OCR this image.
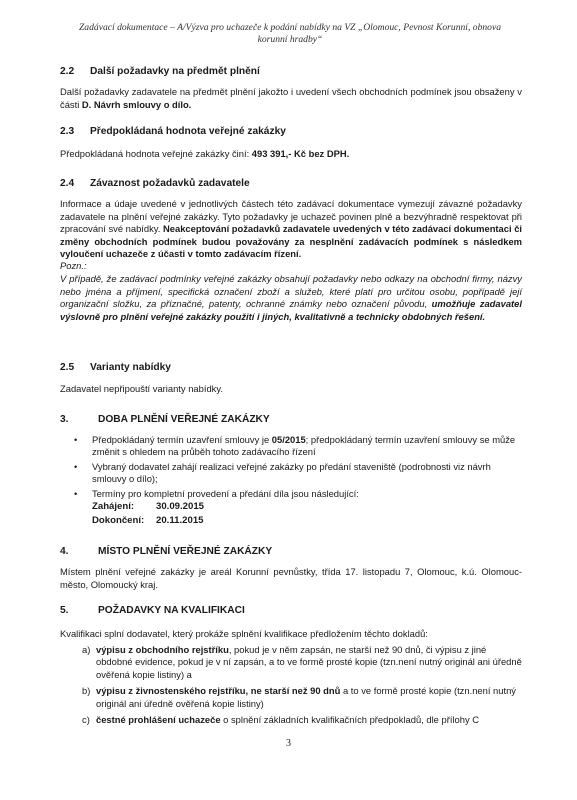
Zadávací dokumentace – A/Výzva pro uchazeče k podání nabídky na VZ „Olomouc, Pevnost Korunní, obnova
korunní hradby“
2.2 Další požadavky na předmět plnění
Další požadavky zadavatele na předmět plnění jakožto i uvedení všech obchodních podmínek jsou obsaženy v části D. Návrh smlouvy o dílo.
2.3 Předpokládaná hodnota veřejné zakázky
Předpokládaná hodnota veřejné zakázky činí: 493 391,- Kč bez DPH.
2.4 Závaznost požadavků zadavatele
Informace a údaje uvedené v jednotlivých částech této zadávací dokumentace vymezují závazné požadavky zadavatele na plnění veřejné zakázky. Tyto požadavky je uchazeč povinen plně a bezvýhradně respektovat při zpracování své nabídky. Neakceptování požadavků zadavatele uvedených v této zadávací dokumentaci či změny obchodních podmínek budou považovány za nesplnění zadávacích podmínek s následkem vyloučení uchazeče z účasti v tomto zadávacím řízení.
Pozn.:
V případě, že zadávací podmínky veřejné zakázky obsahují požadavky nebo odkazy na obchodní firmy, názvy nebo jména a příjmení, specifická označení zboží a služeb, které platí pro určitou osobu, popřípadě její organizační složku, za příznačné, patenty, ochranné známky nebo označení původu, umožňuje zadavatel výslovně pro plnění veřejné zakázky použití i jiných, kvalitativně a technicky obdobných řešení.
2.5 Varianty nabídky
Zadavatel nepřipouští varianty nabídky.
3.	DOBA PLNĚNÍ VEŘEJNÉ ZAKÁZKY
• Předpokládaný termín uzavření smlouvy je 05/2015; předpokládaný termín uzavření smlouvy se může změnit s ohledem na průběh tohoto zadávacího řízení
• Vybraný dodavatel zahájí realizaci veřejné zakázky po předání staveniště (podrobnosti viz návrh smlouvy o dílo);
• Termíny pro kompletní provedení a předání díla jsou následující:
Zahájení: 30.09.2015
Dokončení: 20.11.2015
4.	MÍSTO PLNĚNÍ VEŘEJNÉ ZAKÁZKY
Místem plnění veřejné zakázky je areál Korunní pevnůstky, třída 17. listopadu 7, Olomouc, k.ú. Olomouc-město, Olomoucký kraj.
5.	POŽADAVKY NA KVALIFIKACI
Kvalifikaci splní dodavatel, který prokáže splnění kvalifikace předložením těchto dokladů:
a) výpisu z obchodního rejstříku, pokud je v něm zapsán, ne starší než 90 dnů, či výpisu z jiné obdobné evidence, pokud je v ní zapsán, a to ve formě prosté kopie (tzn.není nutný originál ani úředně ověřená kopie listiny) a
b) výpisu z živnostenského rejstříku, ne starší než 90 dnů a to ve formě prosté kopie (tzn.není nutný originál ani úředně ověřená kopie listiny)
c) čestné prohlášení uchazeče o splnění základních kvalifikačních předpokladů, dle přílohy C
3
